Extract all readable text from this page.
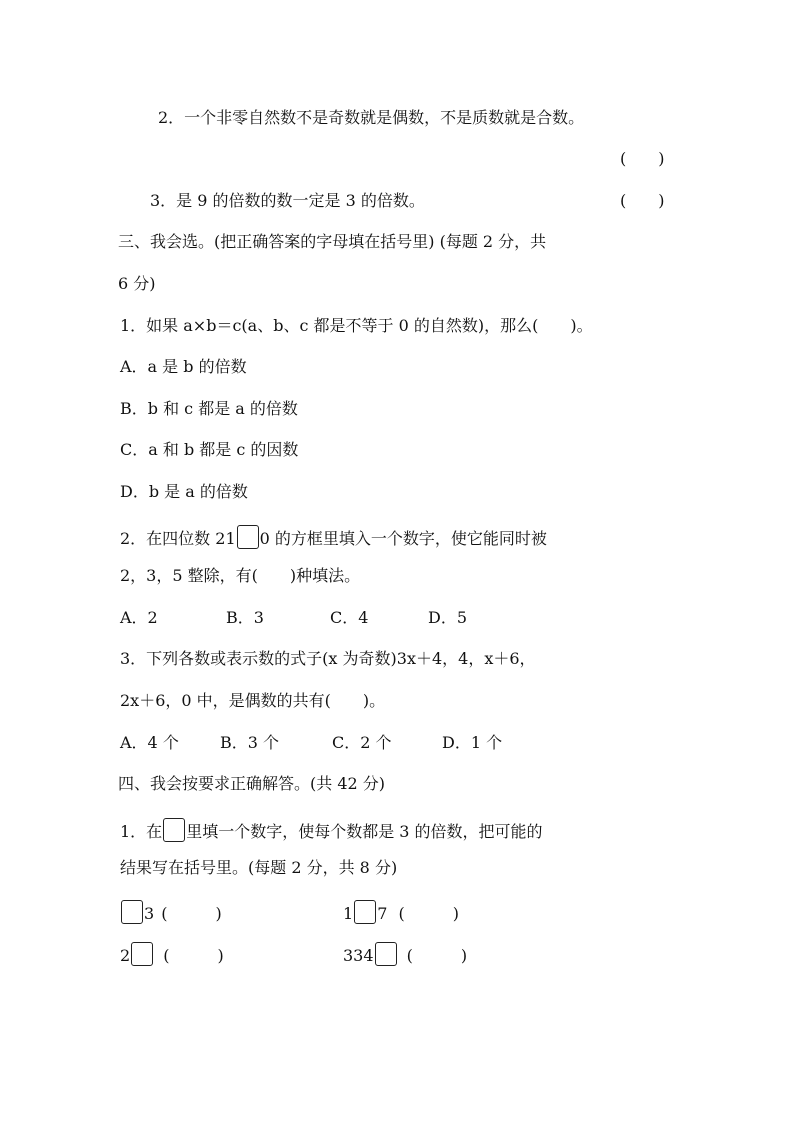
2．一个非零自然数不是奇数就是偶数，不是质数就是合数。
(　　)
3．是 9 的倍数的数一定是 3 的倍数。	(　　)
三、我会选。(把正确答案的字母填在括号里) (每题 2 分，共
6 分)
1．如果 a×b＝c(a、b、c 都是不等于 0 的自然数)，那么(　　)。
A．a 是 b 的倍数
B．b 和 c 都是 a 的倍数
C．a 和 b 都是 c 的因数
D．b 是 a 的倍数
2．在四位数 21 0 的方框里填入一个数字，使它能同时被
2，3，5 整除，有(　　)种填法。
A．2	B．3	C．4	D．5
3．下列各数或表示数的式子(x 为奇数)3x＋4，4，x＋6，
2x＋6，0 中，是偶数的共有(　　)。
A．4 个	B．3 个	C．2 个	D．1 个
四、我会按要求正确解答。(共 42 分)
1．在 里填一个数字，使每个数都是 3 的倍数，把可能的
结果写在括号里。(每题 2 分，共 8 分)
3 (　　　)	1 7 (　　　)
2 (　　　)	334 (　　　)
